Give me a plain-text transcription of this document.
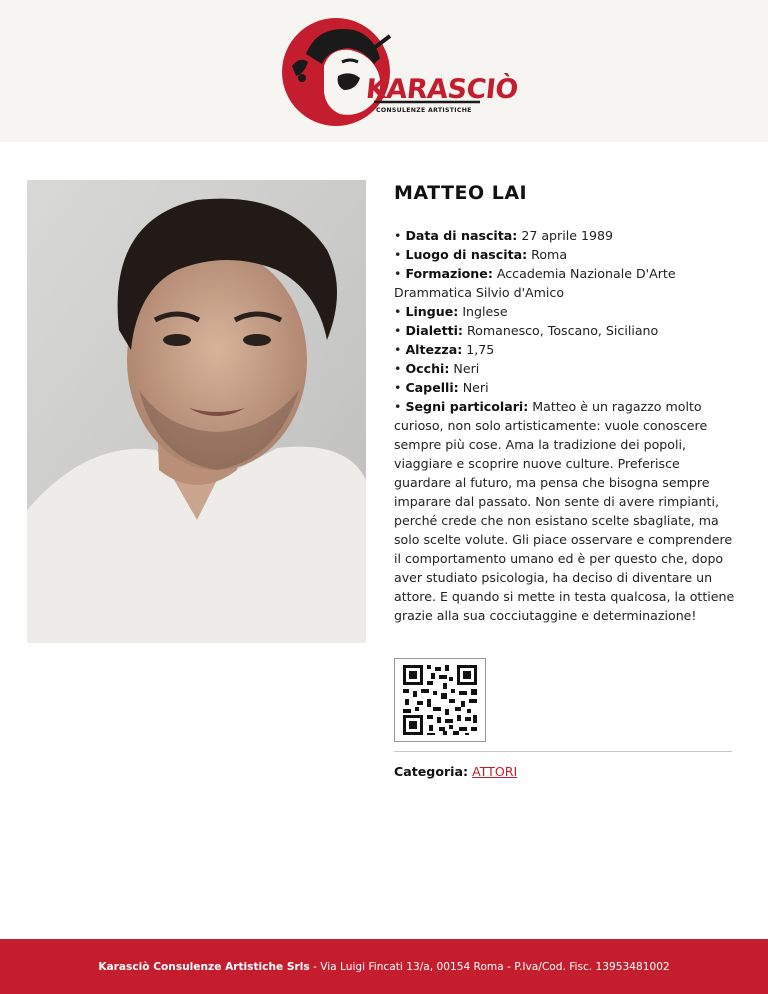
KARASCIÒ
CONSULENZE ARTISTICHE
MATTEO LAI
• Data di nascita: 27 aprile 1989
• Luogo di nascita: Roma
• Formazione: Accademia Nazionale D'Arte Drammatica Silvio d'Amico
• Lingue: Inglese
• Dialetti: Romanesco, Toscano, Siciliano
• Altezza: 1,75
• Occhi: Neri
• Capelli: Neri
• Segni particolari: Matteo è un ragazzo molto curioso, non solo artisticamente: vuole conoscere sempre più cose. Ama la tradizione dei popoli, viaggiare e scoprire nuove culture. Preferisce guardare al futuro, ma pensa che bisogna sempre imparare dal passato. Non sente di avere rimpianti, perché crede che non esistano scelte sbagliate, ma solo scelte volute. Gli piace osservare e comprendere il comportamento umano ed è per questo che, dopo aver studiato psicologia, ha deciso di diventare un attore. E quando si mette in testa qualcosa, la ottiene grazie alla sua cocciutaggine e determinazione!
Categoria: ATTORI
Karasciò Consulenze Artistiche Srls - Via Luigi Fincati 13/a, 00154 Roma - P.Iva/Cod. Fisc. 13953481002
